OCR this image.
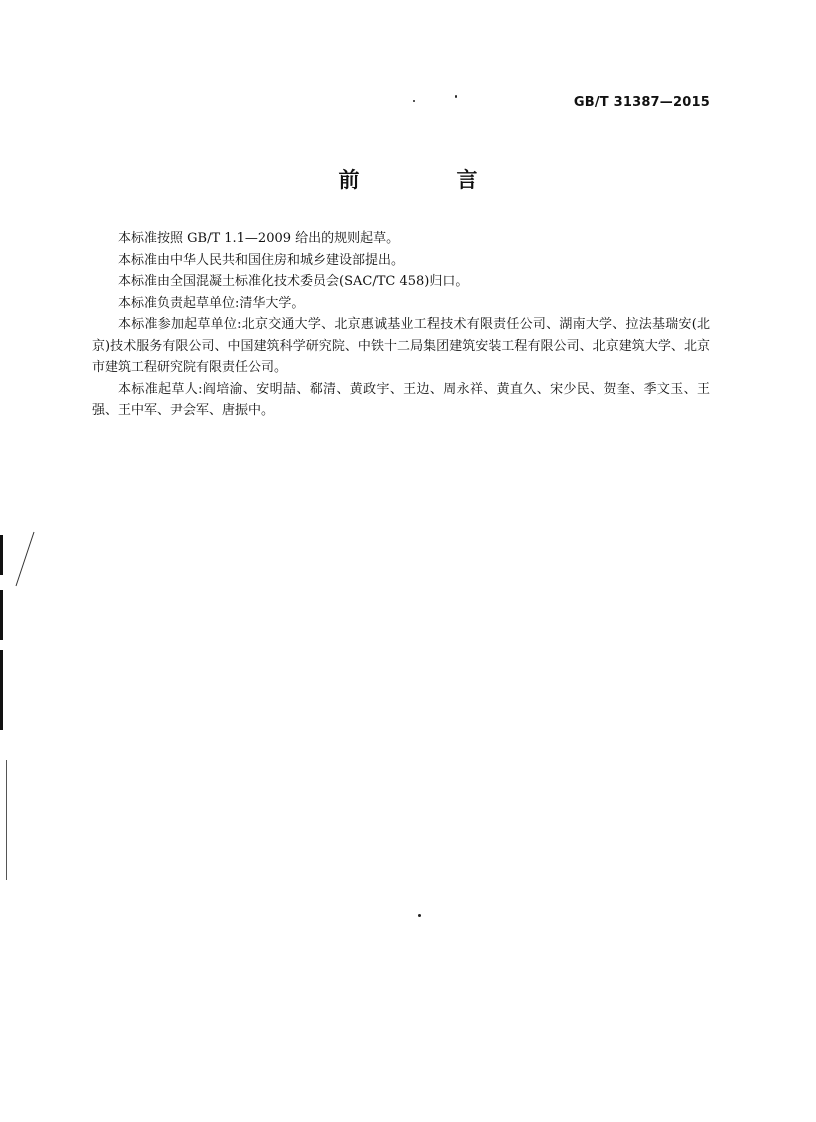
GB/T 31387—2015
前　言

本标准按照 GB/T 1.1—2009 给出的规则起草。

本标准由中华人民共和国住房和城乡建设部提出。

本标准由全国混凝土标准化技术委员会(SAC/TC 458)归口。

本标准负责起草单位:清华大学。

本标准参加起草单位:北京交通大学、北京惠诚基业工程技术有限责任公司、湖南大学、拉法基瑞安(北京)技术服务有限公司、中国建筑科学研究院、中铁十二局集团建筑安装工程有限公司、北京建筑大学、北京市建筑工程研究院有限责任公司。

本标准起草人:阎培渝、安明喆、郗清、黄政宇、王边、周永祥、黄直久、宋少民、贺奎、季文玉、王强、王中军、尹会军、唐振中。
